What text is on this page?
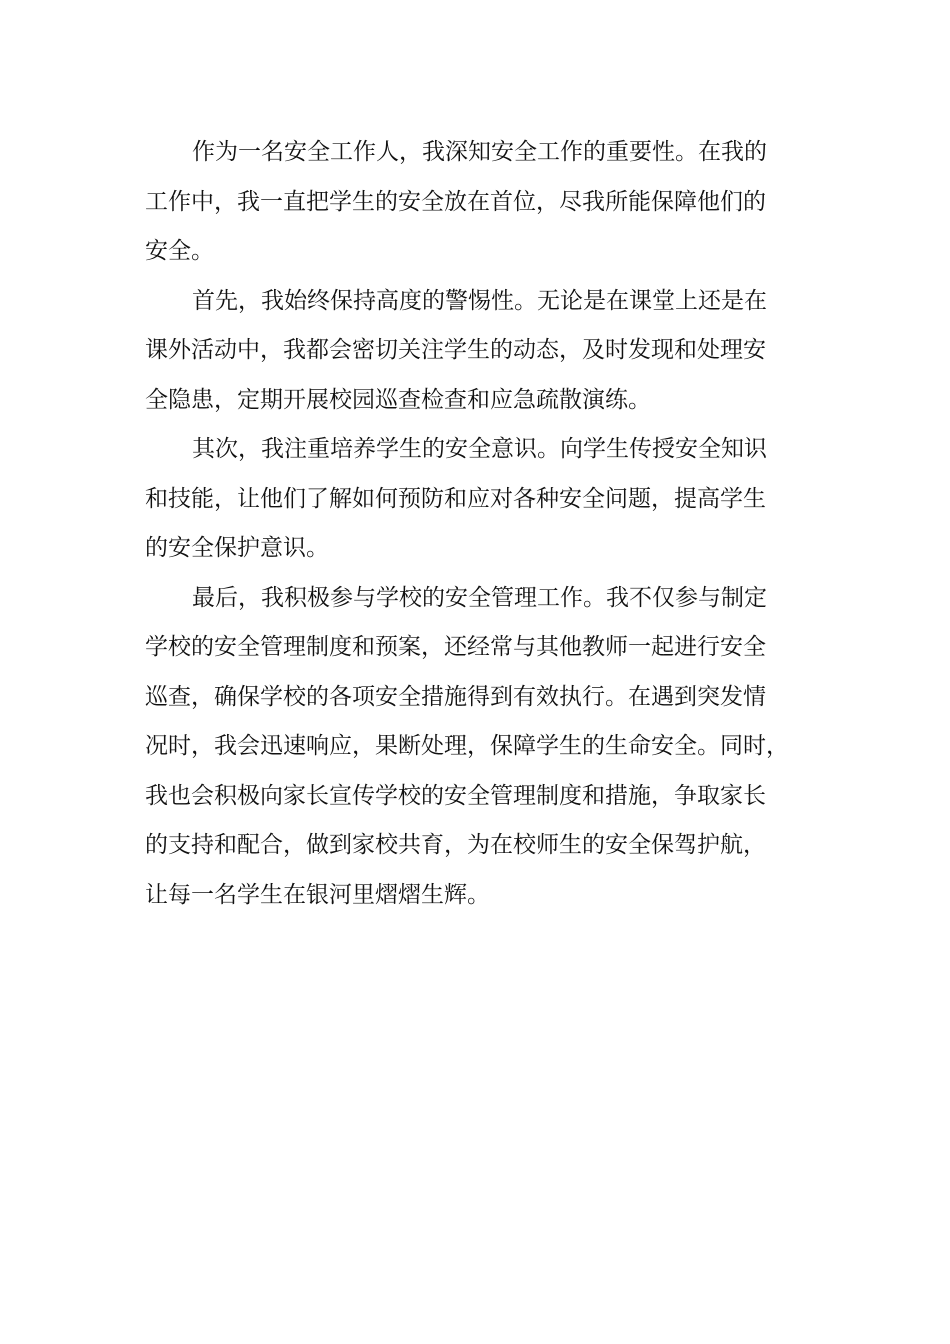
作为一名安全工作人，我深知安全工作的重要性。在我的
工作中，我一直把学生的安全放在首位，尽我所能保障他们的
安全。

首先，我始终保持高度的警惕性。无论是在课堂上还是在
课外活动中，我都会密切关注学生的动态，及时发现和处理安
全隐患，定期开展校园巡查检查和应急疏散演练。

其次，我注重培养学生的安全意识。向学生传授安全知识
和技能，让他们了解如何预防和应对各种安全问题，提高学生
的安全保护意识。

最后，我积极参与学校的安全管理工作。我不仅参与制定
学校的安全管理制度和预案，还经常与其他教师一起进行安全
巡查，确保学校的各项安全措施得到有效执行。在遇到突发情
况时，我会迅速响应，果断处理，保障学生的生命安全。同时，
我也会积极向家长宣传学校的安全管理制度和措施，争取家长
的支持和配合，做到家校共育，为在校师生的安全保驾护航，
让每一名学生在银河里熠熠生辉。
